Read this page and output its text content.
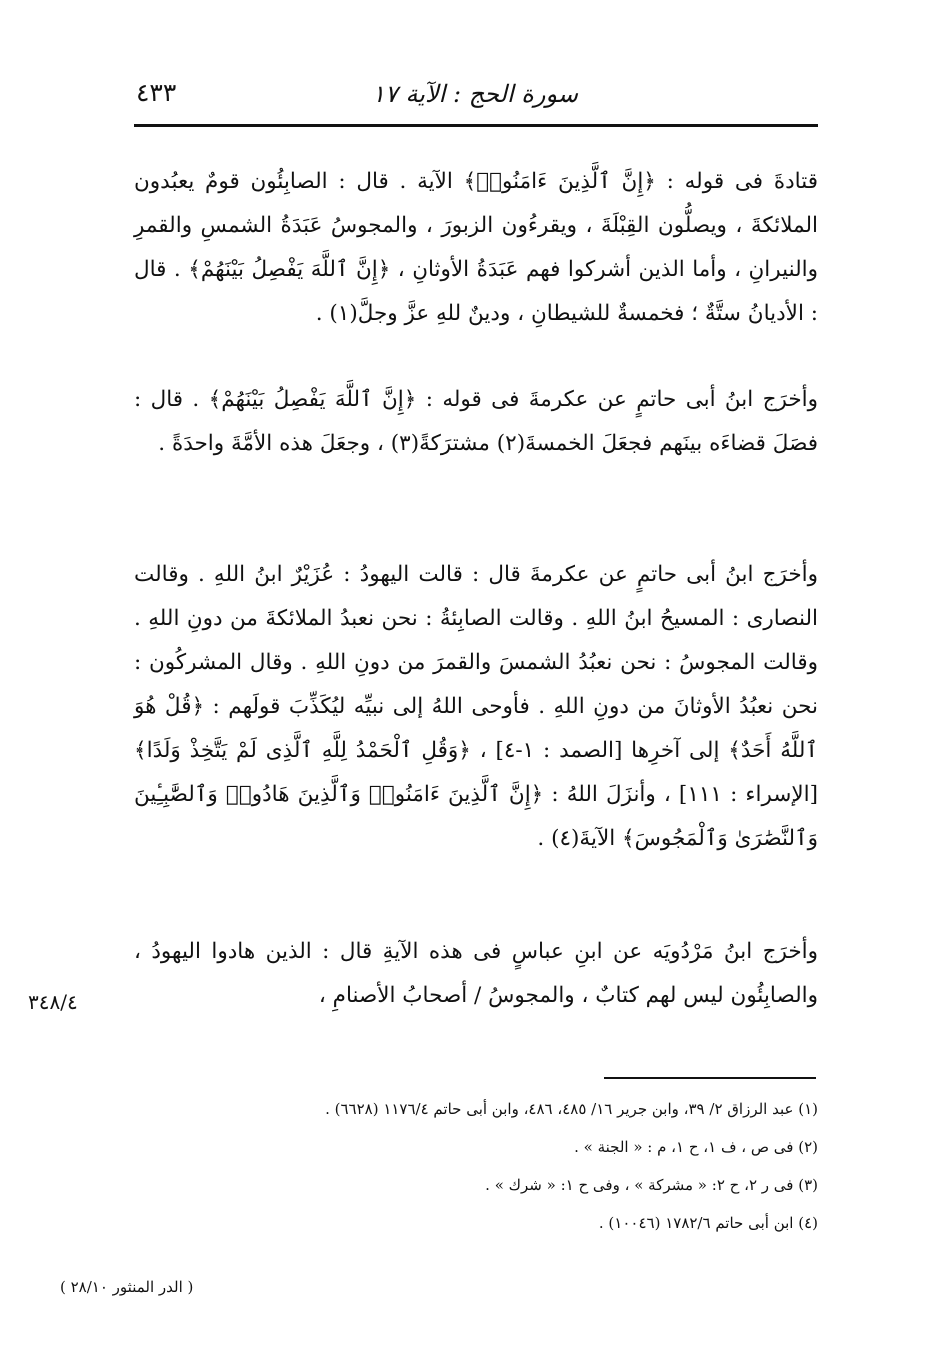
٤٣٣	سورة الحج : الآية ١٧

قتادةَ فى قوله : ﴿إِنَّ ٱلَّذِينَ ءَامَنُوا۟﴾ الآية . قال : الصابِئُون قومٌ يعبُدون الملائكةَ ، ويصلُّون القِبْلَةَ ، ويقرءُون الزبورَ ، والمجوسُ عَبَدَةُ الشمسِ والقمرِ والنيرانِ ، وأما الذين أشركوا فهم عَبَدَةُ الأوثانِ ، ﴿إِنَّ ٱللَّهَ يَفْصِلُ بَيْنَهُمْ﴾ . قال : الأديانُ ستَّةٌ ؛ فخمسةٌ للشيطانِ ، ودينٌ للهِ عزَّ وجلَّ(١) .

وأخرَج ابنُ أبى حاتمٍ عن عكرمةَ فى قوله : ﴿إِنَّ ٱللَّهَ يَفْصِلُ بَيْنَهُمْ﴾ . قال : فصَلَ قضاءَه بينَهم فجعَلَ الخمسةَ(٢) مشترَكةً(٣) ، وجعَلَ هذه الأمَّةَ واحدَةً .

وأخرَج ابنُ أبى حاتمٍ عن عكرمةَ قال : قالت اليهودُ : عُزَيْرٌ ابنُ اللهِ . وقالت النصارى : المسيحُ ابنُ اللهِ . وقالت الصابِئةُ : نحن نعبدُ الملائكةَ من دونِ اللهِ . وقالت المجوسُ : نحن نعبُدُ الشمسَ والقمرَ من دونِ اللهِ . وقال المشركُون : نحن نعبُدُ الأوثانَ من دونِ اللهِ . فأوحى اللهُ إلى نبيِّه ليُكَذِّبَ قولَهم : ﴿قُلْ هُوَ ٱللَّهُ أَحَدٌ﴾ إلى آخرِها [الصمد : ١-٤] ، ﴿وَقُلِ ٱلْحَمْدُ لِلَّهِ ٱلَّذِى لَمْ يَتَّخِذْ وَلَدًا﴾ [الإسراء : ١١١] ، وأنزَلَ اللهُ : ﴿إِنَّ ٱلَّذِينَ ءَامَنُوا۟ وَٱلَّذِينَ هَادُوا۟ وَٱلصَّٰبِـِٔينَ وَٱلنَّصَٰرَىٰ وَٱلْمَجُوسَ﴾ الآيةَ(٤) .

وأخرَج ابنُ مَرْدُويَه عن ابنِ عباسٍ فى هذه الآيةِ قال : الذين هادوا اليهودُ ، والصابِئُون ليس لهم كتابٌ ، والمجوسُ / أصحابُ الأصنامِ ،

٣٤٨/٤
(١) عبد الرزاق ٢/ ٣٩، وابن جرير ١٦/ ٤٨٥، ٤٨٦، وابن أبى حاتم ١١٧٦/٤ (٦٦٢٨) .
(٢) فى ص ، ف ١، ح ١، م : « الجنة » .
(٣) فى ر ٢، ح ٢: « مشركة » ، وفى ح ١: « شرك » .
(٤) ابن أبى حاتم ١٧٨٢/٦ (١٠٠٤٦) .
( الدر المنثور ٢٨/١٠ )
